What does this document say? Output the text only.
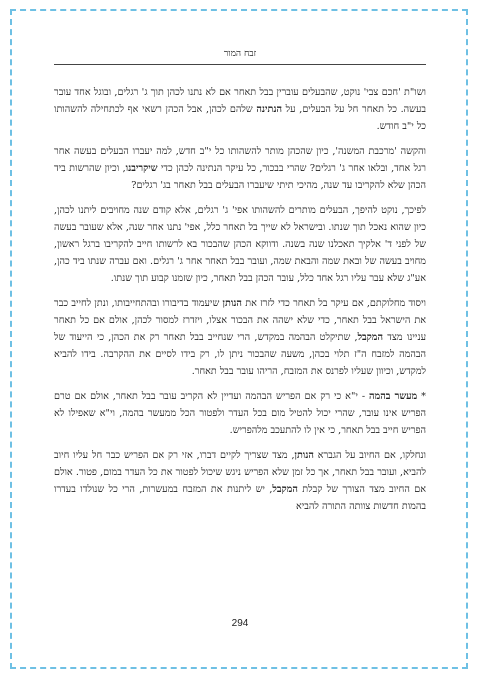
זבח המור

ושו"ת 'חכם צבי' נוקט, שהבעלים עוברין בבל תאחר אם לא נתנו לכהן תוך ג' רגלים, ובוגל אחד עובר בעשה. כל תאחר חל על הבעלים, על הנתינה שלהם לכהן, אבל הכהן רשאי אף לכתחילה להשהותו כל י"ב חודש.

והקשה 'מרכבת המשנה', כיון שהכהן מותר להשהותו כל י"ב חדש, למה יעברו הבעלים בעשה אחר רגל אחד, ובלאו אחר ג' רגלים? שהרי בבכור, כל עיקר הנתינה לכהן כדי שיקריבנו, וכיון שהרשות ביד הכהן שלא להקריבו עד שנה, מהיכי תיתי שיעברו הבעלים בבל תאחר בג' רגלים?

לפיכך, נוקט להיפך, הבעלים מותרים להשהותו אפי' ג' רגלים, אלא קודם שנה מחויבים ליתנו לכהן, כיון שהוא נאכל תוך שנתו. ובישראל לא שייך בל תאחר כלל, אפי' נתנו אחר שנה, אלא שעובר בעשה של לפני ד' אלקיך תאכלנו שנה בשנה. ודווקא הכהן שהבכור בא לרשותו חייב להקריבו ברגל ראשון, מחויב בעשה של ובאת שמה והבאת שמה, ועובר בבל תאחר אחר ג' רגלים. ואם עברה שנתו ביד כהן, אע"ג שלא עבר עליו רגל אחד כלל, עובר הכהן בבל תאחר, כיון שזמנו קבוע תוך שנתו.

ויסוד מחלוקתם, אם עיקר בל תאחר כדי לזרז את הנותן שיעמוד בדיבורו ובהתחייבותו, ונתן לחייב כבר את הישראל בבל תאחר, כדי שלא ישהה את הבכור אצלו, ויזדרז למסור לכהן, אולם אם כל תאחר עניינו מצד המקבל, שתיקלט הבהמה במקדש, הרי שנחייב בבל תאחר רק את הכהן, כי הייעוד של הבהמה למזבח ה"ז תלוי בכהן, משעה שהבכור ניתן לו, רק בידו לסיים את ההקרבה. בידו להביא למקדש, וכיוון שעליו לפרנס את המזבח, הריהו עובר בבל תאחר.

* מעשר בהמה - י"א כי רק אם הפריש הבהמה ועדיין לא הקריב עובר בבל תאחר, אולם אם טרם הפריש אינו עובר, שהרי יכול להטיל מום בכל העדר ולפטור הכל ממעשר בהמה, וי"א שאפילו לא הפריש חייב בבל תאחר, כי אין לו להתעכב מלהפריש.

ונחלקו, אם החיוב על הגברא הנותן, מצד שצריך לקיים דברו, אזי רק אם הפריש כבר חל עליו חיוב להביא, ועובר בבל תאחר, אך כל זמן שלא הפריש ניגש שיכול לפטור את כל העדר במום, פטור. אולם אם החיוב מצד הצורך של קבלת המקבל, יש ליתנות את המזבח במעשרות, הרי כל שנולדו בעדרו בהמות חדשות צוותה התורה להביא

294
